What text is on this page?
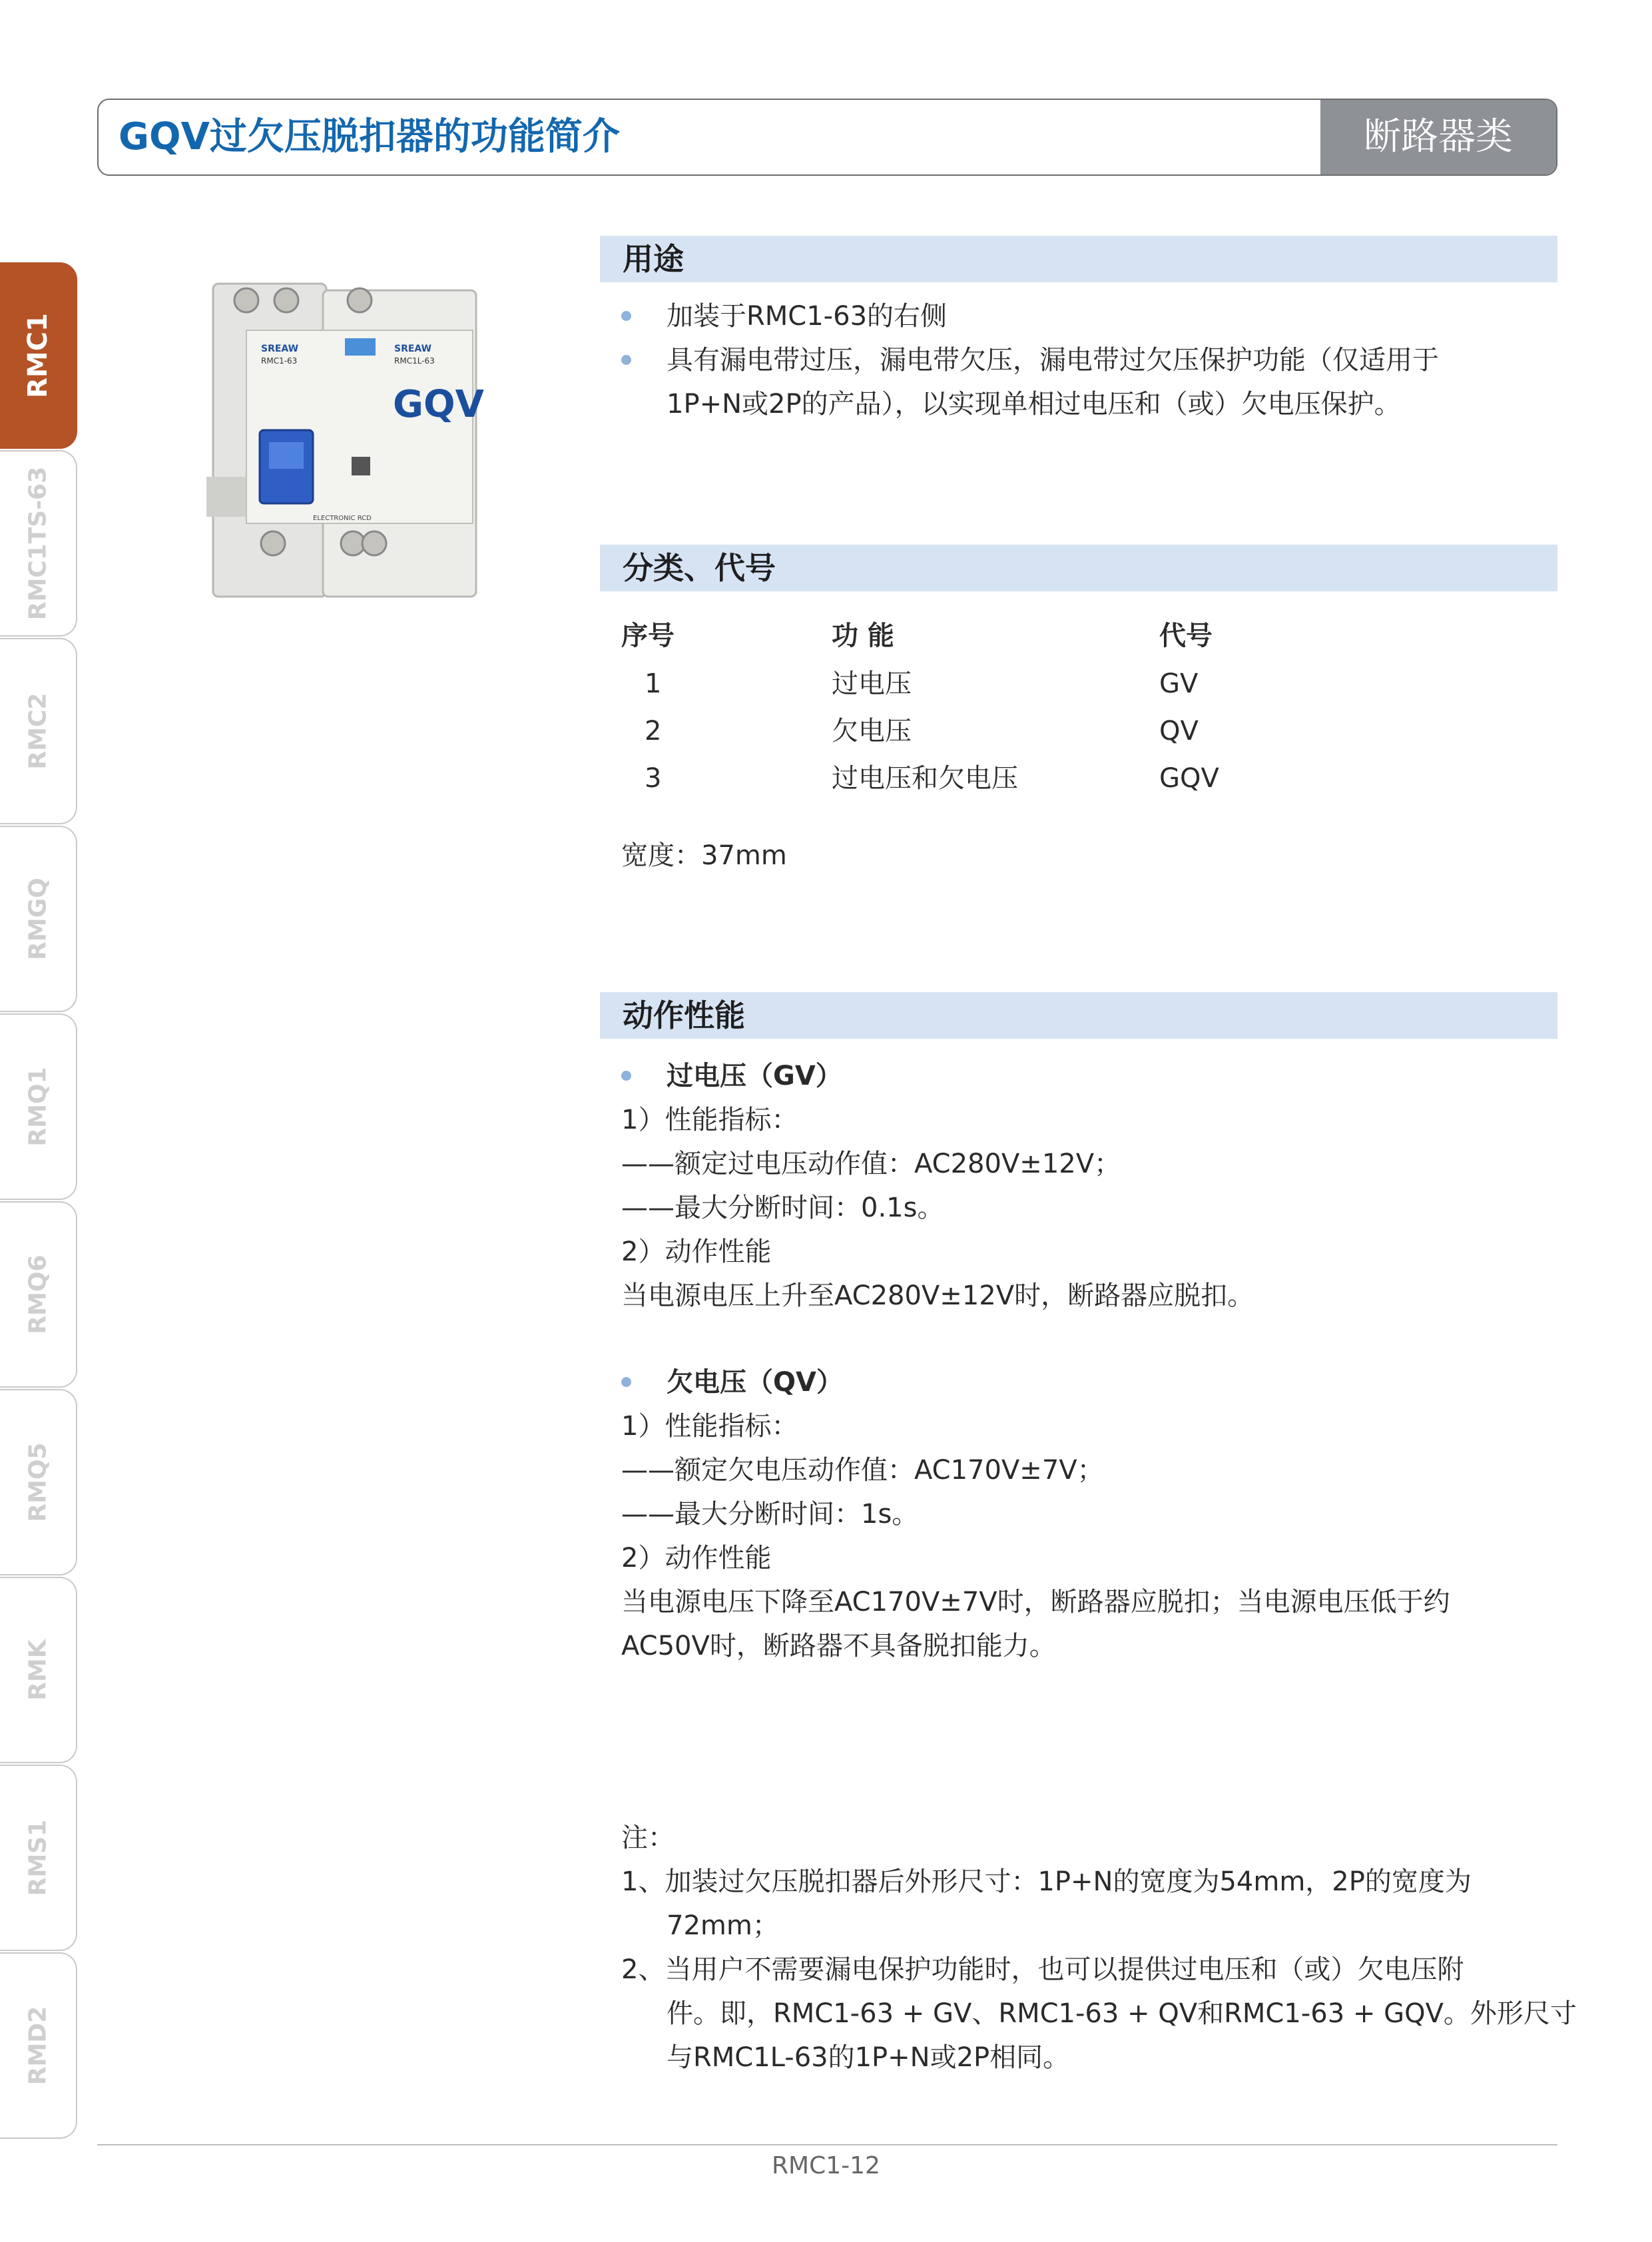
GQV过欠压脱扣器的功能简介	断路器类
RMC1
RMC1TS-63
RMC2
RMGQ
RMQ1
RMQ6
RMQ5
RMK
RMS1
RMD2
SREAW
RMC1-63
SREAW
RMC1L-63
GQV
ELECTRONIC RCD
用途
加装于RMC1-63的右侧
具有漏电带过压，漏电带欠压，漏电带过欠压保护功能（仅适用于
1P+N或2P的产品），以实现单相过电压和（或）欠电压保护。
分类、代号
序号	功 能	代号
1	过电压	GV
2	欠电压	QV
3	过电压和欠电压	GQV
宽度：37mm
动作性能
过电压（GV）
1）性能指标：
——额定过电压动作值：AC280V±12V；
——最大分断时间：0.1s。
2）动作性能
当电源电压上升至AC280V±12V时，断路器应脱扣。
欠电压（QV）
1）性能指标：
——额定欠电压动作值：AC170V±7V；
——最大分断时间：1s。
2）动作性能
当电源电压下降至AC170V±7V时，断路器应脱扣；当电源电压低于约
AC50V时，断路器不具备脱扣能力。
注：
1、加装过欠压脱扣器后外形尺寸：1P+N的宽度为54mm，2P的宽度为
72mm；
2、当用户不需要漏电保护功能时，也可以提供过电压和（或）欠电压附
件。即，RMC1-63 + GV、RMC1-63 + QV和RMC1-63 + GQV。外形尺寸
与RMC1L-63的1P+N或2P相同。
RMC1-12
